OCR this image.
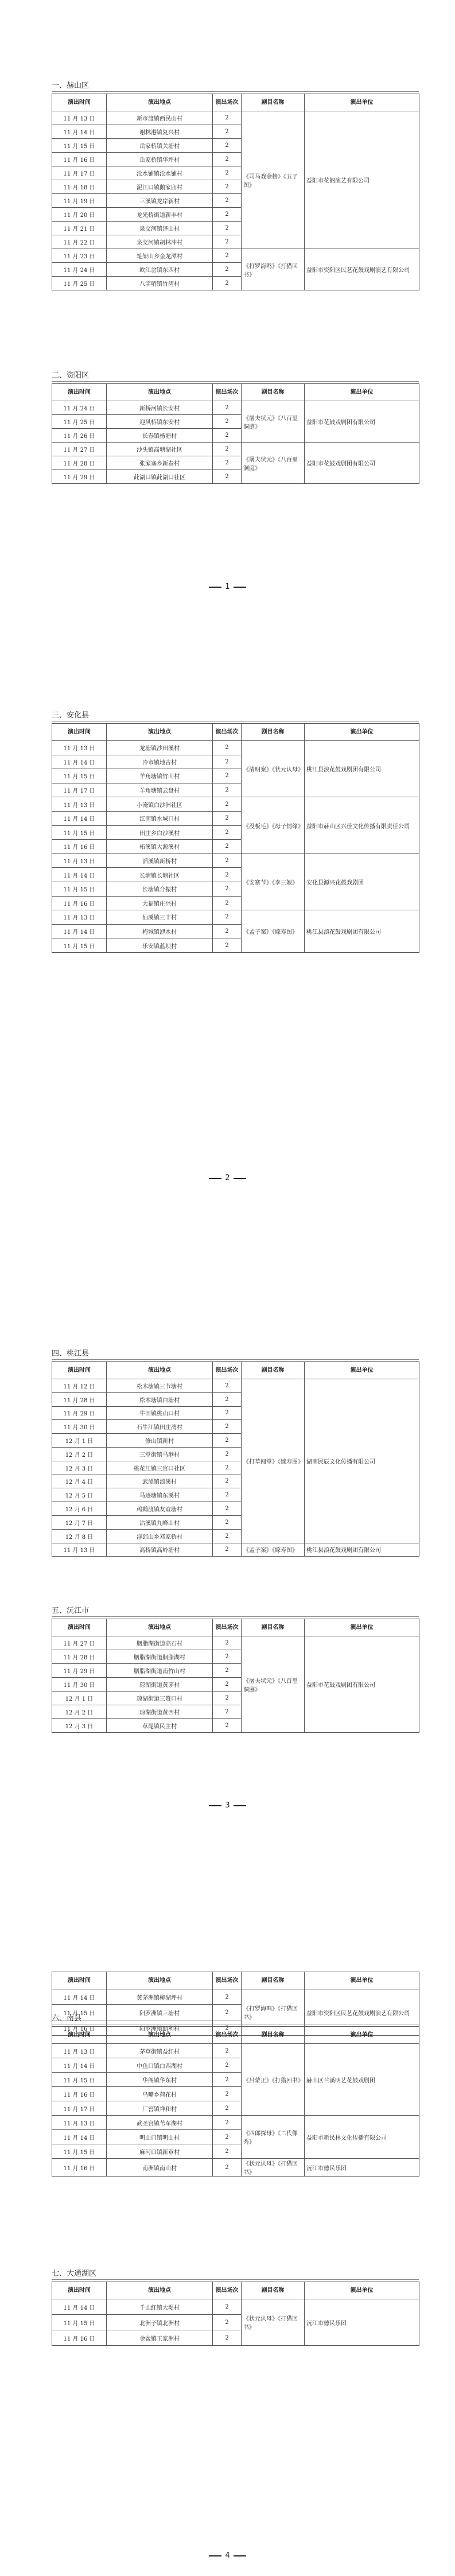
一、赫山区
演出时间	演出地点	演出场次	剧目名称	演出单位
11 月 13 日	新市渡镇西民山村	2	《司马戏金榜》《五子图》	益阳市花阁演艺有限公司
11 月 14 日	谢林港镇复兴村	2		
11 月 15 日	岳家桥镇关塘村	2		
11 月 16 日	岳家桥镇华坪村	2		
11 月 17 日	沧水铺镇沧水铺村	2		
11 月 18 日	泥江口镇鹅家庙村	2		
11 月 19 日	三溪镇龙岸新村	2		
11 月 20 日	龙光桥街道新丰村	2		
11 月 21 日	泉交河镇泽山村	2		
11 月 22 日	泉交河镇胡林冲村	2		
11 月 23 日	笔架山乡金龙潭村	2	《打罗海鸣》《打猎回书》	益阳市资阳区民艺花鼓戏剧演艺有限公司
11 月 24 日	欧江岔镇东西村	2		
11 月 25 日	八字哨镇竹湾村	2		
二、资阳区
演出时间	演出地点	演出场次	剧目名称	演出单位
11 月 24 日	新桥河镇长安村	2	《屠夫状元》《八百里洞庭》	益阳市花鼓戏剧团有限公司
11 月 25 日	迎风桥镇东安村	2		
11 月 26 日	长春镇杨塘村	2		
11 月 27 日	沙头镇高塘湖社区	2	《屠夫状元》《八百里洞庭》	益阳市花鼓戏剧团有限公司
11 月 28 日	张家塞乡新春村	2		
11 月 29 日	茈湖口镇茈湖口社区	2		
三、安化县
演出时间	演出地点	演出场次	剧目名称	演出单位
11 月 13 日	龙塘镇沙田溪村	2	《清明案》《状元认母》	桃江县浪花鼓戏剧团有限公司
11 月 14 日	冷市镇地古村	2		
11 月 15 日	羊角塘镇竹山村	2		
11 月 17 日	羊角塘镇云盘村	2		
11 月 13 日	小淹镇白沙洲社区	2	《没板毛》《母子情缘》	益阳市赫山区兴佳文化传播有限责任公司
11 月 14 日	江南镇水城口村	2		
11 月 15 日	田庄乡白沙溪村	2		
11 月 16 日	柘溪镇大源溪村	2		
11 月 13 日	滔溪镇新桥村	2	《安寨节》《李三娘》	安化县源兴花鼓戏剧团
11 月 14 日	长塘镇长塘社区	2		
11 月 15 日	长塘镇合振村	2		
11 月 16 日	大福镇庄兴村	2		
11 月 13 日	仙溪镇三丰村	2	《孟子案》《嫁寿图》	桃江县浪花鼓戏剧团有限公司
11 月 14 日	梅城镇洢水村	2		
11 月 15 日	乐安镇蓝坝村	2		
四、桃江县
演出时间	演出地点	演出场次	剧目名称	演出单位
11 月 12 日	松木塘镇三节塘村	2	《打草闯堂》《嫁寿图》	湖南民辰文化传播有限公司
11 月 28 日	松木塘镇白塘村	2		
11 月 29 日	牛田镇桃山口村	2		
11 月 30 日	石牛江镇田庄湾村	2		
12 月 1 日	修山镇新村	2		
12 月 2 日	三堂街镇马港村	2		
12 月 3 日	桃花江镇三官口社区	2		
12 月 4 日	武潭镇浪溪村	2		
12 月 5 日	马迹塘镇东溪村	2		
12 月 6 日	鸬鹚渡镇友谊塘村	2		
12 月 7 日	沾溪镇九峰山村	2		
12 月 8 日	浮邱山乡邓家桥村	2		
11 月 13 日	高桥镇高岭塘村	2	《孟子案》《嫁寿图》	桃江县浪花鼓戏剧团有限公司
五、沅江市
演出时间	演出地点	演出场次	剧目名称	演出单位
11 月 27 日	胭脂湖街道高石村	2	《屠夫状元》《八百里洞庭》	益阳市花鼓戏剧团有限公司
11 月 28 日	胭脂湖街道胭脂湖村	2		
11 月 29 日	胭脂湖街道南竹山村	2		
11 月 30 日	琼湖街道黄茅村	2		
12 月 1 日	琼湖街道三赞口村	2		
12 月 2 日	琼湖街道黄西村	2		
12 月 3 日	草尾镇民主村	2		
演出时间	演出地点	演出场次	剧目名称	演出单位
11 月 14 日	黄茅洲镇柳湖坪村	2	《打罗海鸣》《打猎回书》	益阳市资阳区民艺花鼓戏剧演艺有限公司
11 月 15 日	阳罗洲镇三塘村	2		
11 月 16 日	阳罗洲镇勤利村	2		
六、南县
演出时间	演出地点	演出场次	剧目名称	演出单位
11 月 13 日	茅草街镇益红村	2	《吕蒙正》《打猎回书》	赫山区兰溪明艺花鼓戏剧团
11 月 14 日	中鱼口镇白西湖村	2		
11 月 15 日	华阁镇华东村	2		
11 月 16 日	乌嘴乡荷花村	2		
11 月 17 日	厂窖镇祥和村	2		
11 月 13 日	武圣宫镇苇车湖村	2	《四郎探母》《二代像秀》	益阳市新民林文化传播有限公司
11 月 14 日	明山口镇明山村	2		
11 月 15 日	麻河口镇新章村	2		
11 月 16 日	南洲镇南山村	2	《状元认母》《打猎回书》	沅江市德民乐团
七、大通湖区
演出时间	演出地点	演出场次	剧目名称	演出单位
11 月 14 日	千山红镇大堤村	2	《状元认母》《打猎回书》	沅江市德民乐团
11 月 15 日	北洲子镇北洲村	2		
11 月 16 日	金盆镇王家洲村	2		
1
2
3
4
